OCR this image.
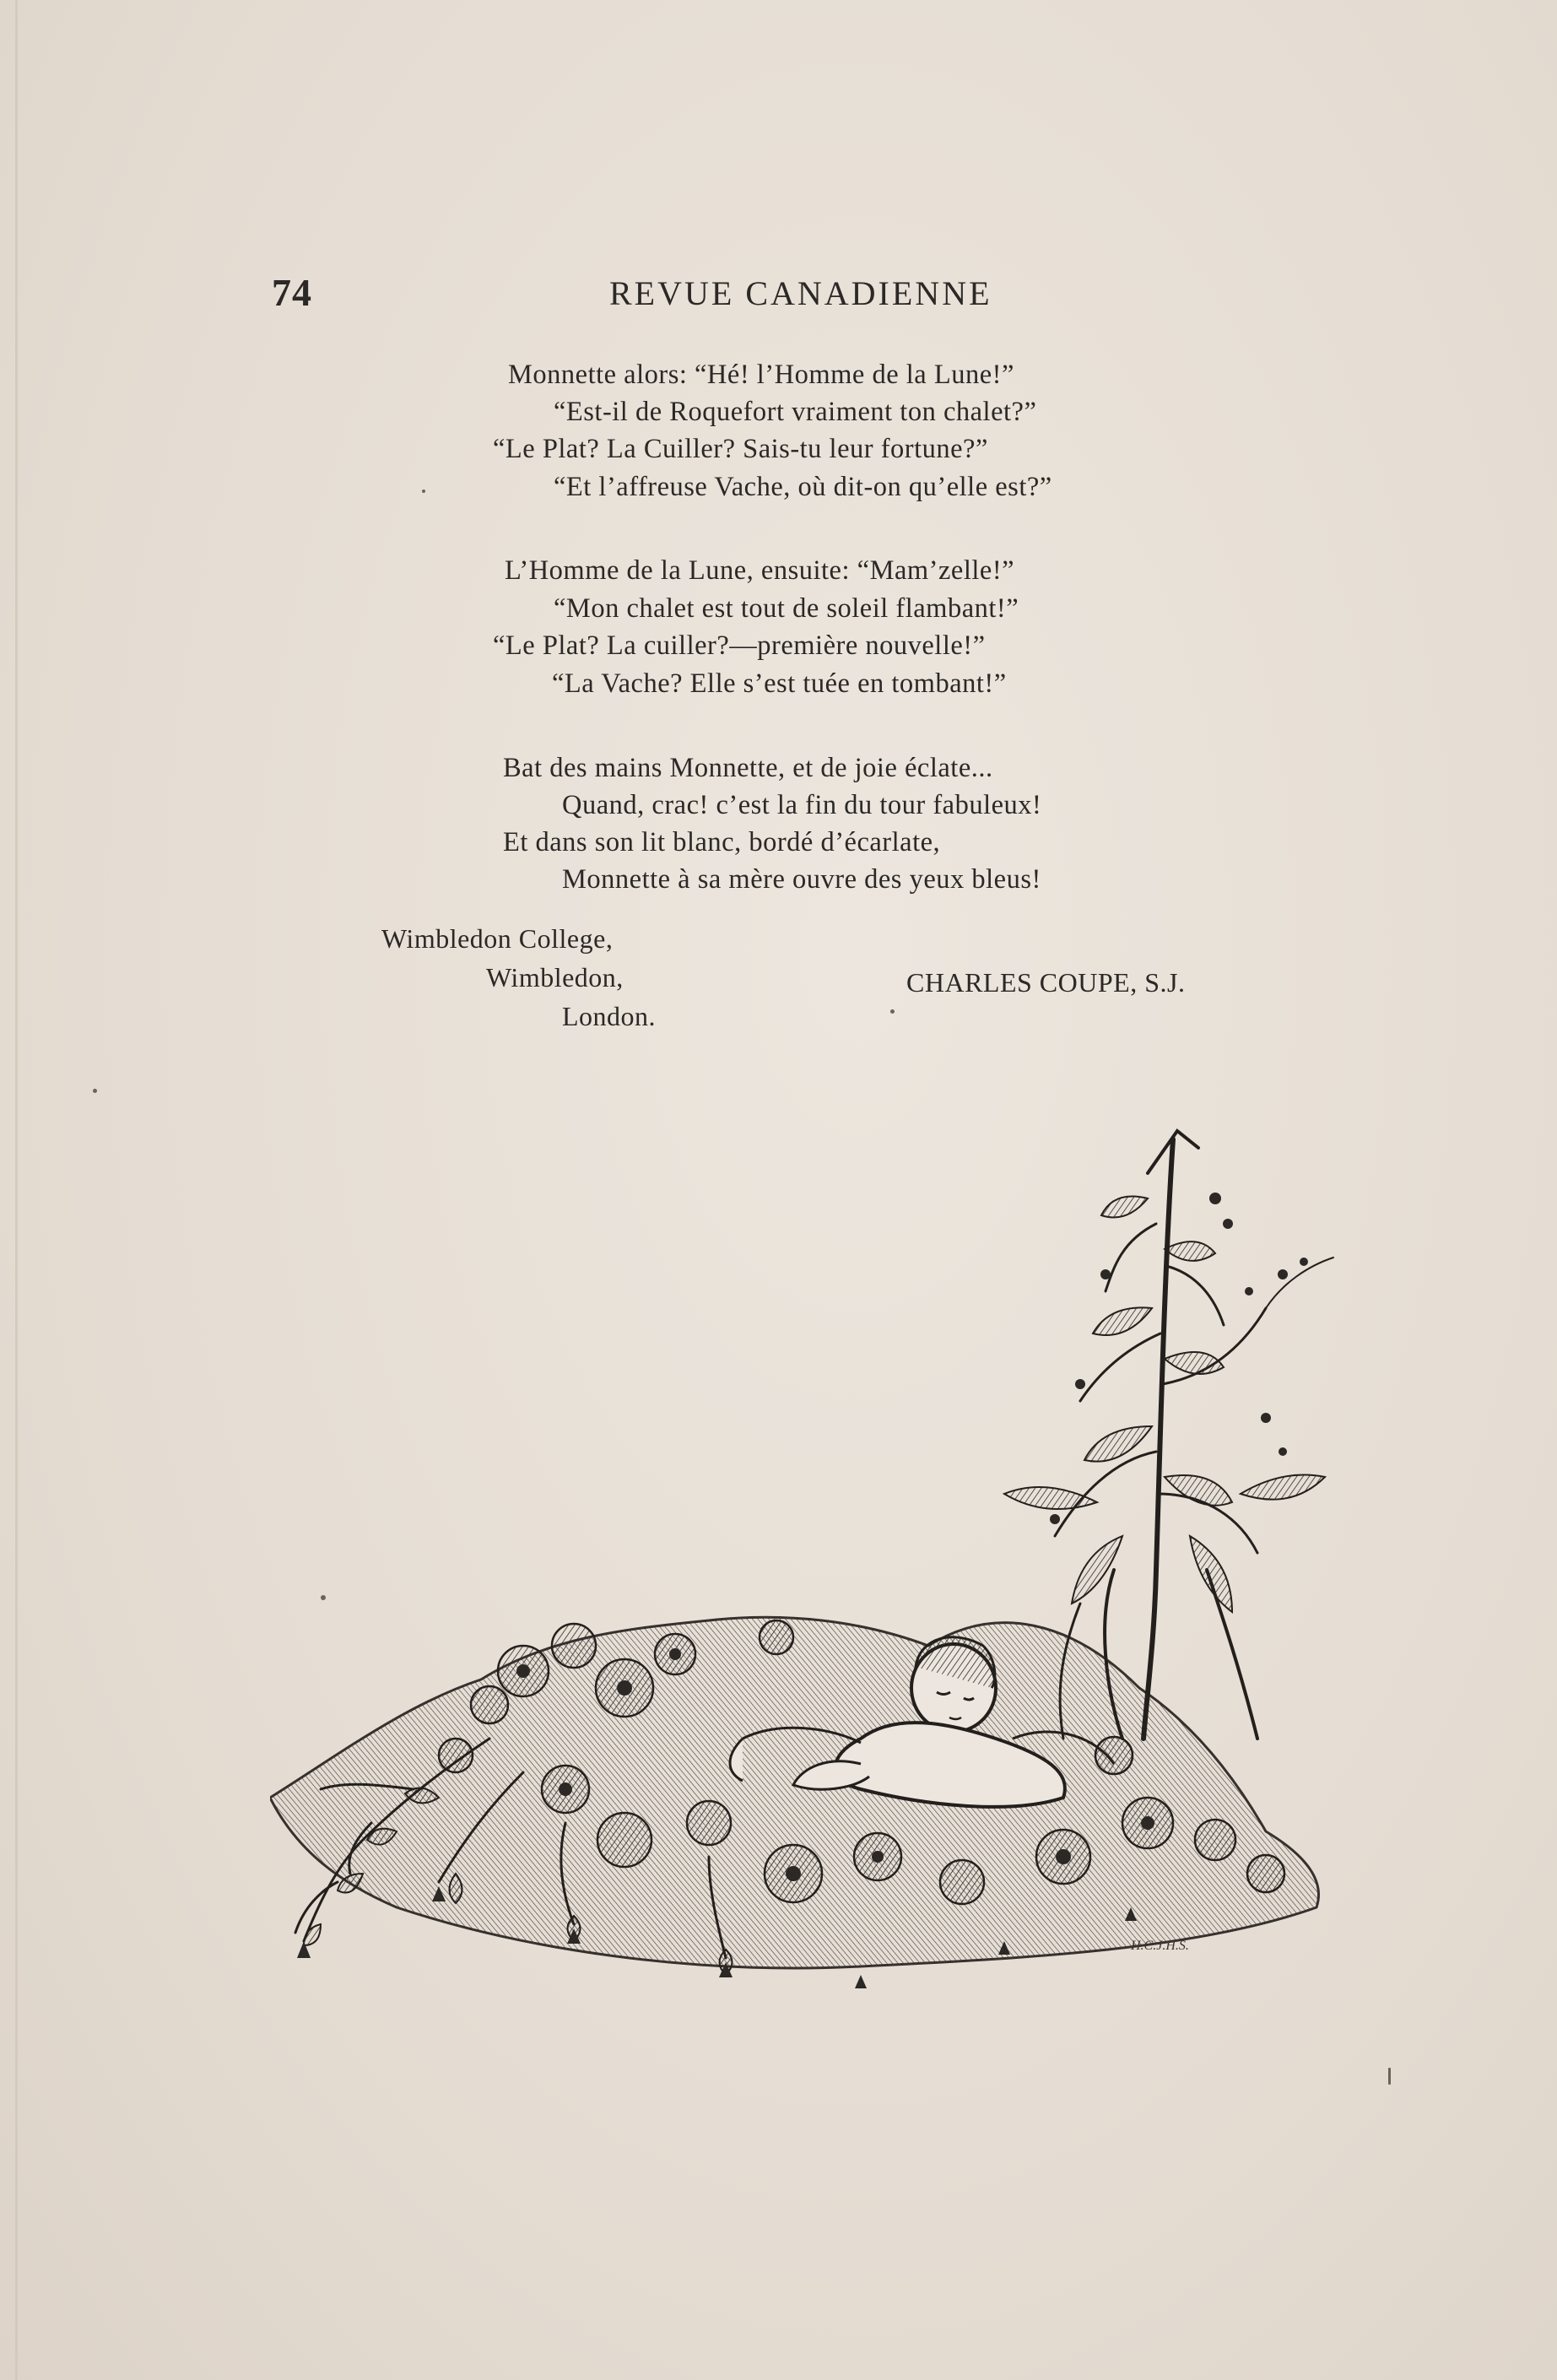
74	REVUE CANADIENNE
Monnette alors: “Hé! l’Homme de la Lune!”
“Est-il de Roquefort vraiment ton chalet?”
“Le Plat? La Cuiller? Sais-tu leur fortune?”
“Et l’affreuse Vache, où dit-on qu’elle est?”
L’Homme de la Lune, ensuite: “Mam’zelle!”
“Mon chalet est tout de soleil flambant!”
“Le Plat? La cuiller?—première nouvelle!”
“La Vache? Elle s’est tuée en tombant!”
Bat des mains Monnette, et de joie éclate...
Quand, crac! c’est la fin du tour fabuleux!
Et dans son lit blanc, bordé d’écarlate,
Monnette à sa mère ouvre des yeux bleus!
Wimbledon College,
Wimbledon,
London.
CHARLES COUPE, S.J.
H.C.J.H.S.
